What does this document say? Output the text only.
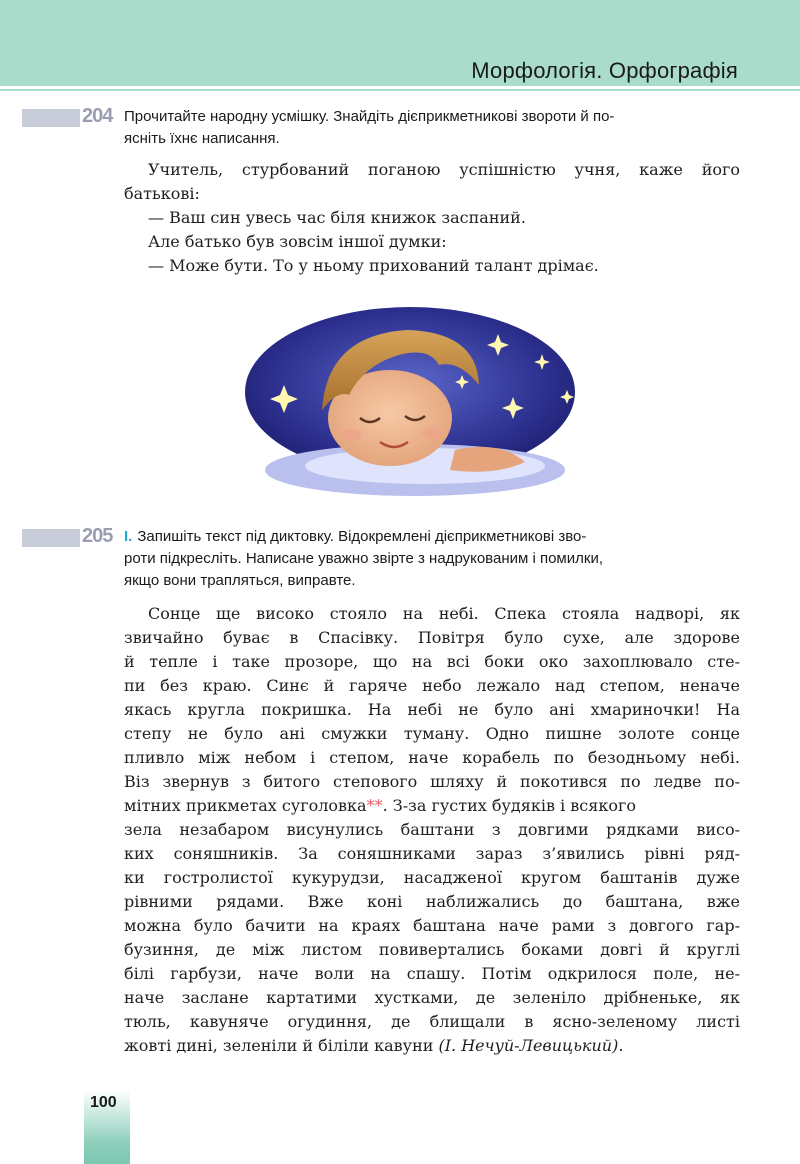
Морфологія. Орфографія
204 Прочитайте народну усмішку. Знайдіть дієприкметникові звороти й по-
ясніть їхнє написання.
Учитель, стурбований поганою успішністю учня, каже його
батькові:
— Ваш син увесь час біля книжок заспаний.
Але батько був зовсім іншої думки:
— Може бути. То у ньому прихований талант дрімає.
205 I. Запишіть текст під диктовку. Відокремлені дієприкметникові зво-
роти підкресліть. Написане уважно звірте з надрукованим і помилки,
якщо вони трапляться, виправте.
Сонце ще високо стояло на небі. Спека стояла надворі, як
звичайно буває в Спасівку. Повітря було сухе, але здорове
й тепле і таке прозоре, що на всі боки око захоплювало сте-
пи без краю. Синє й гаряче небо лежало над степом, неначе
якась кругла покришка. На небі не було ані хмариночки! На
степу не було ані смужки туману. Одно пишне золоте сонце
пливло між небом і степом, наче корабель по безодньому небі.
Віз звернув з битого степового шляху й покотився по ледве по-
мітних прикметах суголовка**. З-за густих будяків і всякого
зела незабаром висунулись баштани з довгими рядками висо-
ких соняшників. За соняшниками зараз з’явились рівні ряд-
ки гостролистої кукурудзи, насадженої кругом баштанів дуже
рівними рядами. Вже коні наближались до баштана, вже
можна було бачити на краях баштана наче рами з довгого гар-
бузиння, де між листом повивертались боками довгі й круглі
білі гарбузи, наче воли на спашу. Потім одкрилося поле, не-
наче заслане картатими хустками, де зеленіло дрібненьке, як
тюль, кавуняче огудиння, де блищали в ясно-зеленому листі
жовті дині, зеленіли й біліли кавуни (І. Нечуй-Левицький).
100
